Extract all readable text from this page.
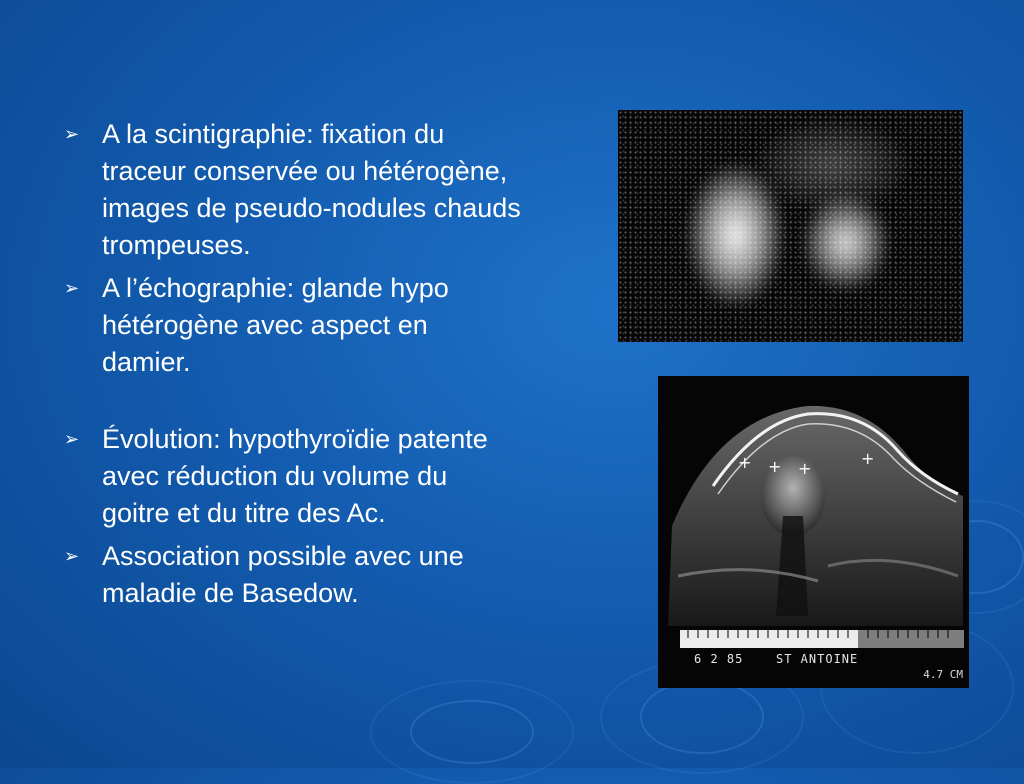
➢ A la scintigraphie: fixation du traceur conservée ou hétérogène, images de pseudo-nodules chauds trompeuses.
➢ A l’échographie: glande hypo hétérogène avec aspect en damier.
➢ Évolution: hypothyroïdie patente avec réduction du volume du goitre et du titre des Ac.
➢ Association possible avec une maladie de Basedow.
+ + +
+
6 2 85	ST ANTOINE
4.7 CM
